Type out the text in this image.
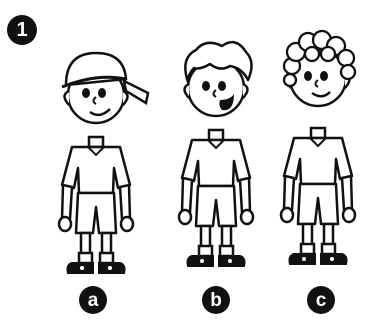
1
a	b	c
